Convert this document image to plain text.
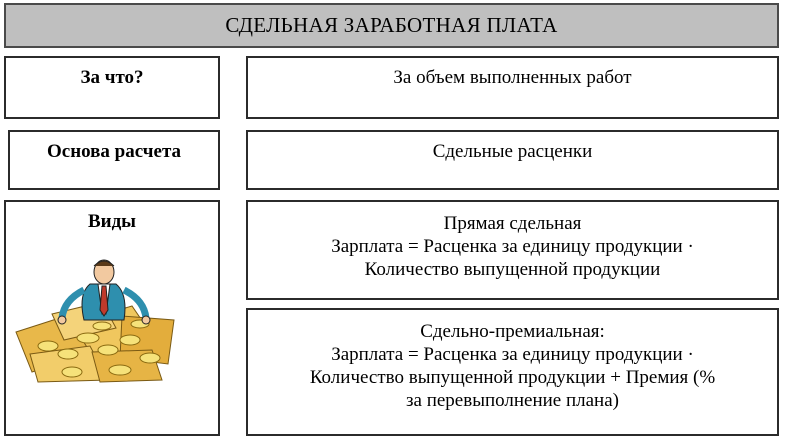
СДЕЛЬНАЯ ЗАРАБОТНАЯ ПЛАТА
За что?	За объем выполненных работ
Основа расчета	Сдельные расценки
Виды	Прямая сдельная
Зарплата = Расценка за единицу продукции ·
Количество выпущенной продукции
Сдельно-премиальная:
Зарплата = Расценка за единицу продукции ·
Количество выпущенной продукции + Премия (%
за перевыполнение плана)
